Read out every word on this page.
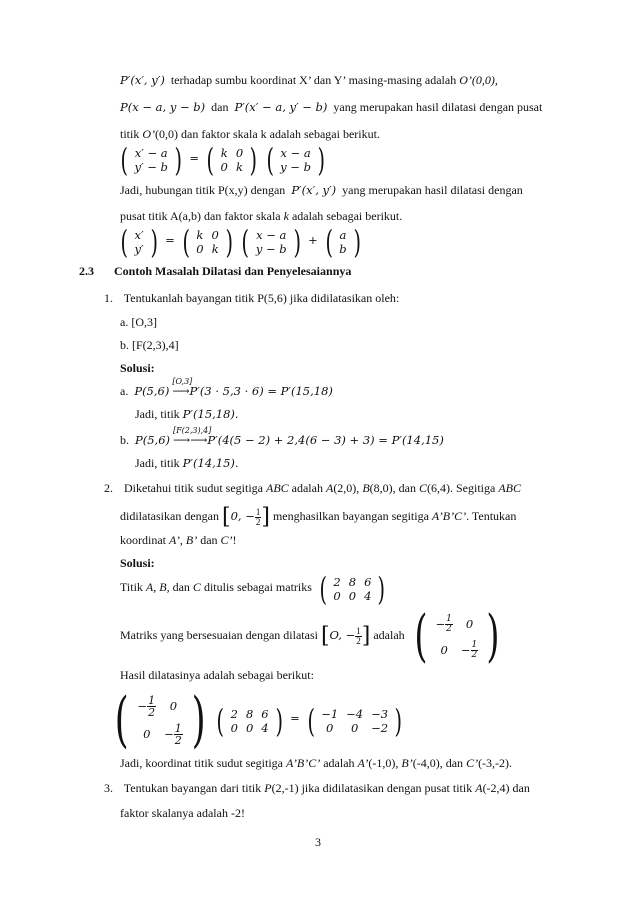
P′(x′, y′) terhadap sumbu koordinat X’ dan Y’ masing-masing adalah O’(0,0),
P(x − a, y − b) dan P′(x′ − a, y′ − b) yang merupakan hasil dilatasi dengan pusat
titik O’(0,0) dan faktor skala k adalah sebagai berikut.
( x′ − a
y′ − b ) = ( k	0
0	k ) ( x − a
y − b )
Jadi, hubungan titik P(x,y) dengan P′(x′, y′) yang merupakan hasil dilatasi dengan
pusat titik A(a,b) dan faktor skala k adalah sebagai berikut.
( x′
y′ ) = ( k	0
0	k ) ( x − a
y − b ) + ( a
b )
2.3 Contoh Masalah Dilatasi dan Penyelesaiannya
1. Tentukanlah bayangan titik P(5,6) jika didilatasikan oleh:
a. [O,3]
b. [F(2,3),4]
Solusi:
a. P(5,6)
[O,3]
⟶P′(3 · 5,3 · 6) = P′(15,18)
Jadi, titik P′(15,18).
b. P(5,6)
[F(2,3),4]
⟶⟶P′(4(5 − 2) + 2,4(6 − 3) + 3) = P′(14,15)
Jadi, titik P′(14,15).
2. Diketahui titik sudut segitiga ABC adalah A(2,0), B(8,0), dan C(6,4). Segitiga ABC
didilatasikan dengan [0, − $\frac{1}{2}$ ] menghasilkan bayangan segitiga A’B’C’. Tentukan
koordinat A’, B’ dan C’!
Solusi:
Titik A, B, dan C ditulis sebagai matriks ( 2	8	6
0	0	4 )
Matriks yang bersesuaian dengan dilatasi [O, − $\frac{1}{2}$ ] adalah ( − $\frac{1}{2}$	0
0	− $\frac{1}{2}$ )
Hasil dilatasinya adalah sebagai berikut:
( − $\frac{1}{2}$	0
0	− $\frac{1}{2}$ ) ( 2	8	6
0	0	4 ) = ( −1	−4	−3
0	0	−2 )
Jadi, koordinat titik sudut segitiga A’B’C’ adalah A’(-1,0), B’(-4,0), dan C’(-3,-2).
3. Tentukan bayangan dari titik P(2,-1) jika didilatasikan dengan pusat titik A(-2,4) dan
faktor skalanya adalah -2!
3
